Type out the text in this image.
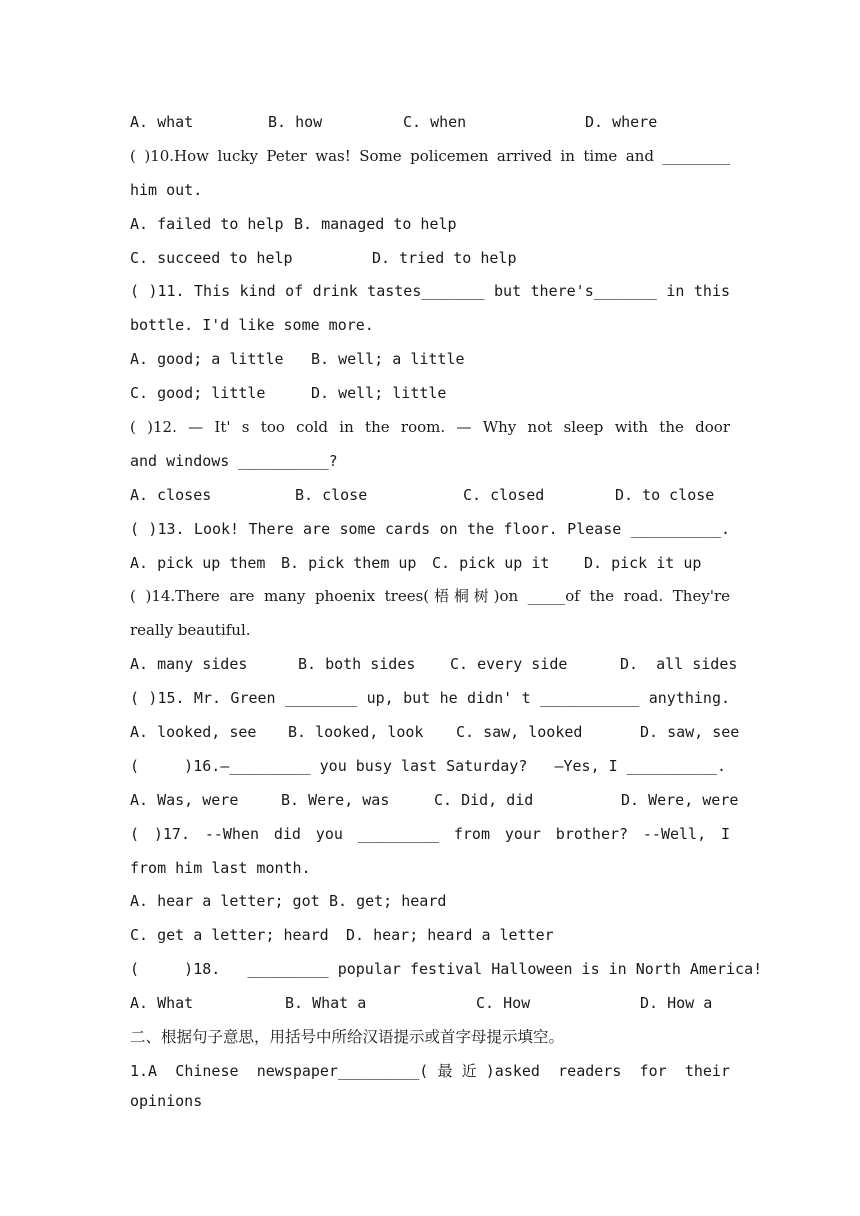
A. what

	B. how

	C. when

	D. where

( )10.How lucky Peter was! Some policemen arrived in time and _________
him out.

A. failed to help

B. managed to help

C. succeed to help

	D. tried to help

( )11. This kind of drink tastes_______ but there's_______ in this
bottle. I'd like some more.

A. good; a little

B. well; a little

C. good; little

	D. well; little

( )12. — It' s too cold in the room. — Why not sleep with the door
and windows __________?

A. closes

	B. close

	C. closed

	D. to close

( )13. Look! There are some cards on the floor. Please __________.

A. pick up them

B. pick them up

C. pick up it

D. pick it up

( )14.There are many phoenix trees(梧桐树)on _____of the road. They're
really beautiful.

A. many sides

	B. both sides

C. every side

	D.  all sides

( )15. Mr. Green ________ up, but he didn' t ___________ anything.

A. looked, see

B. looked, look

C. saw, looked

	D. saw, see

(     )16.—_________ you busy last Saturday?   —Yes, I __________.

A. Was, were

	B. Were, was

	C. Did, did

	D. Were, were

( )17. --When did you _________ from your brother? --Well, I
from him last month.

A. hear a letter; got

B. get; heard

C. get a letter; heard

D. hear; heard a letter

(     )18.   _________ popular festival Halloween is in North America!

A. What

	B. What a

	C. How

	D. How a

二、根据句子意思，用括号中所给汉语提示或首字母提示填空。
1.A Chinese newspaper_________(最近)asked readers for their opinions
